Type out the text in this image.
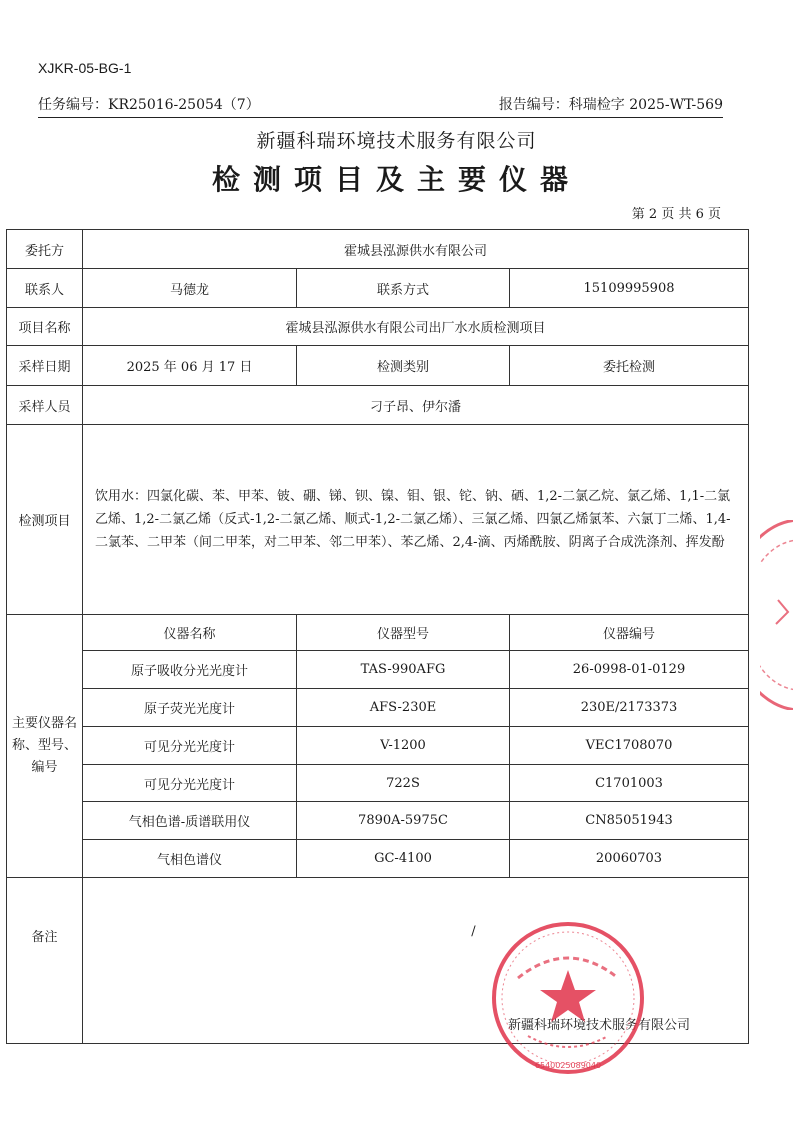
XJKR-05-BG-1
任务编号：KR25016-25054（7）	报告编号：科瑞检字 2025-WT-569
新疆科瑞环境技术服务有限公司
检测项目及主要仪器
第 2 页 共 6 页
委托方	霍城县泓源供水有限公司		
联系人	马德龙	联系方式	15109995908
项目名称	霍城县泓源供水有限公司出厂水水质检测项目		
采样日期	2025 年 06 月 17 日	检测类别	委托检测
采样人员	刁子昂、伊尔潘		
检测项目	饮用水：四氯化碳、苯、甲苯、铍、硼、锑、钡、镍、钼、银、铊、钠、硒、1,2-二氯乙烷、氯乙烯、1,1-二氯乙烯、1,2-二氯乙烯（反式-1,2-二氯乙烯、顺式-1,2-二氯乙烯）、三氯乙烯、四氯乙烯氯苯、六氯丁二烯、1,4-二氯苯、二甲苯（间二甲苯，对二甲苯、邻二甲苯）、苯乙烯、2,4-滴、丙烯酰胺、阴离子合成洗涤剂、挥发酚		
主要仪器名称、型号、编号	仪器名称	仪器型号	仪器编号
	原子吸收分光光度计	TAS-990AFG	26-0998-01-0129
	原子荧光光度计	AFS-230E	230E/2173373
	可见分光光度计	V-1200	VEC1708070
	可见分光光度计	722S	C1701003
	气相色谱-质谱联用仪	7890A-5975C	CN85051943
	气相色谱仪	GC-4100	20060703
备注	/		
新疆科瑞环境技术服务有限公司
6540025089040
